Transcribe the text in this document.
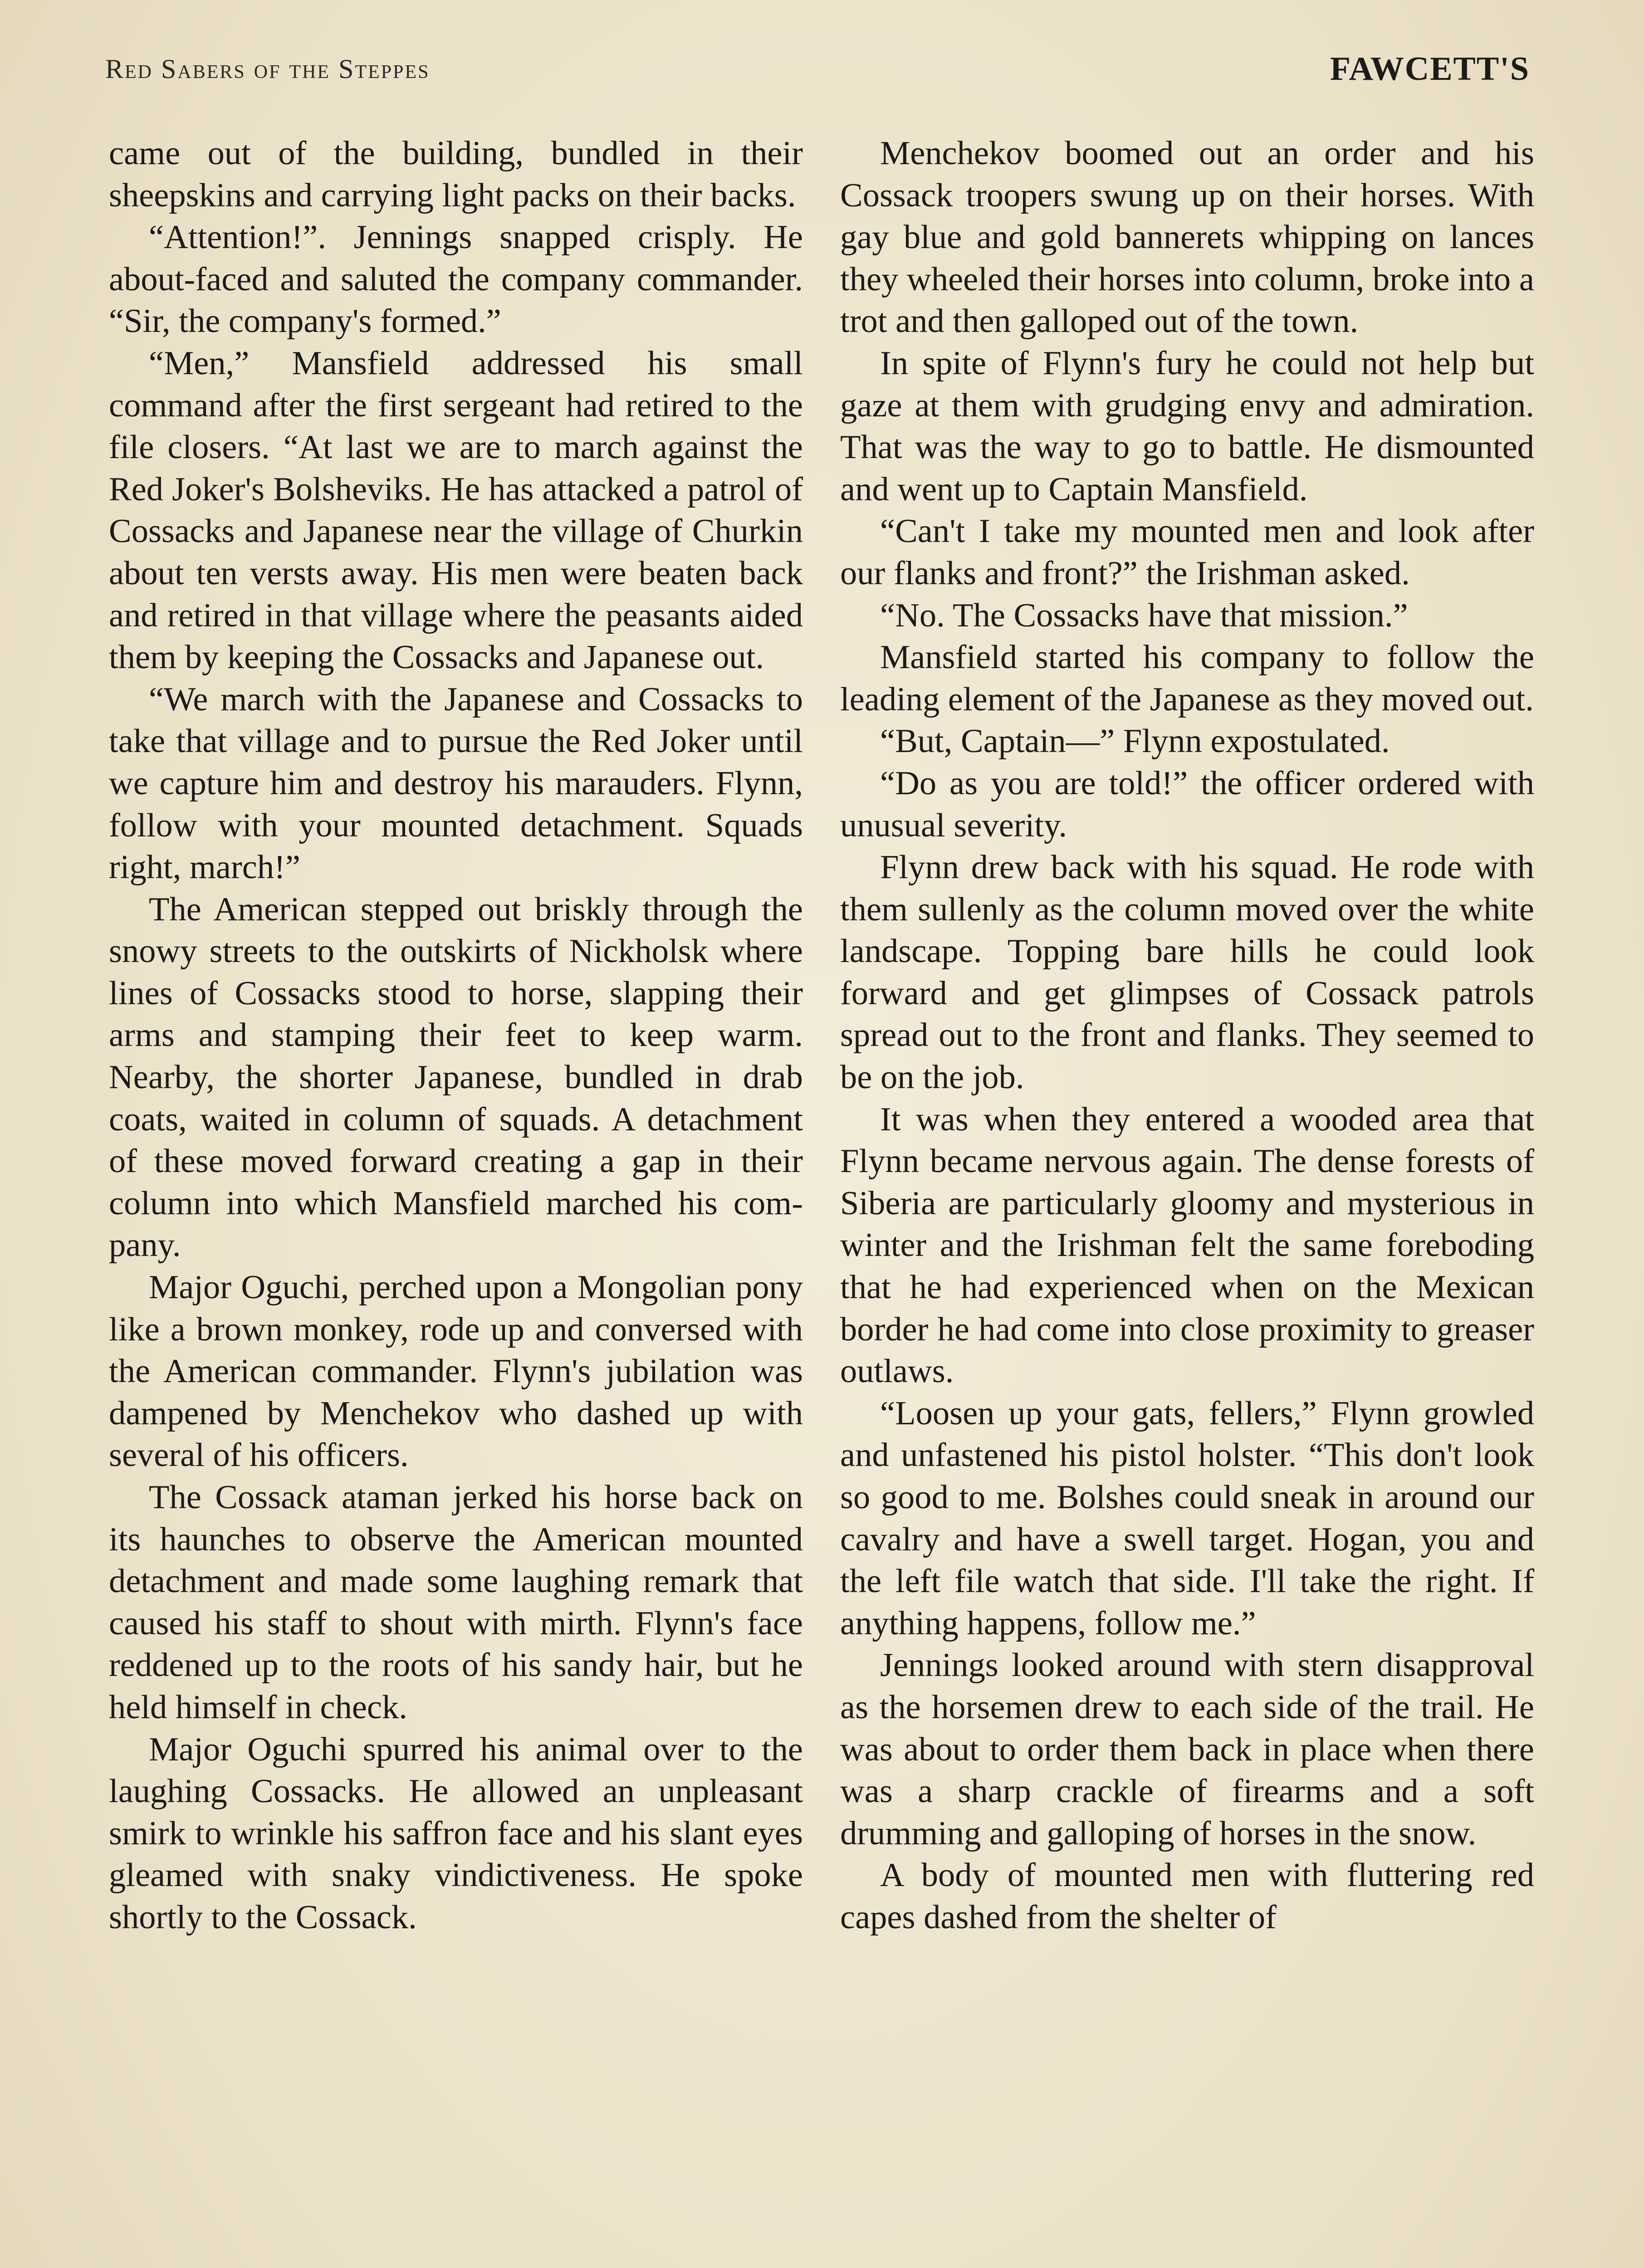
Red Sabers of the Steppes	FAWCETT'S

came out of the building, bundled in their sheepskins and carrying light packs on their backs.

“Attention!”. Jennings snapped crisply. He about-faced and saluted the company commander. “Sir, the company's formed.”

“Men,” Mansfield addressed his small command after the first sergeant had retired to the file closers. “At last we are to march against the Red Joker's Bolsheviks. He has attacked a patrol of Cossacks and Japanese near the village of Churkin about ten versts away. His men were beaten back and retired in that village where the peasants aided them by keeping the Cossacks and Japanese out.

“We march with the Japanese and Cossacks to take that village and to pursue the Red Joker until we capture him and destroy his marauders. Flynn, follow with your mounted detachment. Squads right, march!”

The American stepped out briskly through the snowy streets to the outskirts of Nickholsk where lines of Cossacks stood to horse, slapping their arms and stamping their feet to keep warm. Nearby, the shorter Japanese, bundled in drab coats, waited in column of squads. A detachment of these moved forward creating a gap in their column into which Mansfield marched his company.

Major Oguchi, perched upon a Mongolian pony like a brown monkey, rode up and conversed with the American commander. Flynn's jubilation was dampened by Menchekov who dashed up with several of his officers.

The Cossack ataman jerked his horse back on its haunches to observe the American mounted detachment and made some laughing remark that caused his staff to shout with mirth. Flynn's face reddened up to the roots of his sandy hair, but he held himself in check.

Major Oguchi spurred his animal over to the laughing Cossacks. He allowed an unpleasant smirk to wrinkle his saffron face and his slant eyes gleamed with snaky vindictiveness. He spoke shortly to the Cossack.

Menchekov boomed out an order and his Cossack troopers swung up on their horses. With gay blue and gold bannerets whipping on lances they wheeled their horses into column, broke into a trot and then galloped out of the town.

In spite of Flynn's fury he could not help but gaze at them with grudging envy and admiration. That was the way to go to battle. He dismounted and went up to Captain Mansfield.

“Can't I take my mounted men and look after our flanks and front?” the Irishman asked.

“No. The Cossacks have that mission.”

Mansfield started his company to follow the leading element of the Japanese as they moved out.

“But, Captain—” Flynn expostulated.

“Do as you are told!” the officer ordered with unusual severity.

Flynn drew back with his squad. He rode with them sullenly as the column moved over the white landscape. Topping bare hills he could look forward and get glimpses of Cossack patrols spread out to the front and flanks. They seemed to be on the job.

It was when they entered a wooded area that Flynn became nervous again. The dense forests of Siberia are particularly gloomy and mysterious in winter and the Irishman felt the same foreboding that he had experienced when on the Mexican border he had come into close proximity to greaser outlaws.

“Loosen up your gats, fellers,” Flynn growled and unfastened his pistol holster. “This don't look so good to me. Bolshes could sneak in around our cavalry and have a swell target. Hogan, you and the left file watch that side. I'll take the right. If anything happens, follow me.”

Jennings looked around with stern disapproval as the horsemen drew to each side of the trail. He was about to order them back in place when there was a sharp crackle of firearms and a soft drumming and galloping of horses in the snow.

A body of mounted men with fluttering red capes dashed from the shelter of
